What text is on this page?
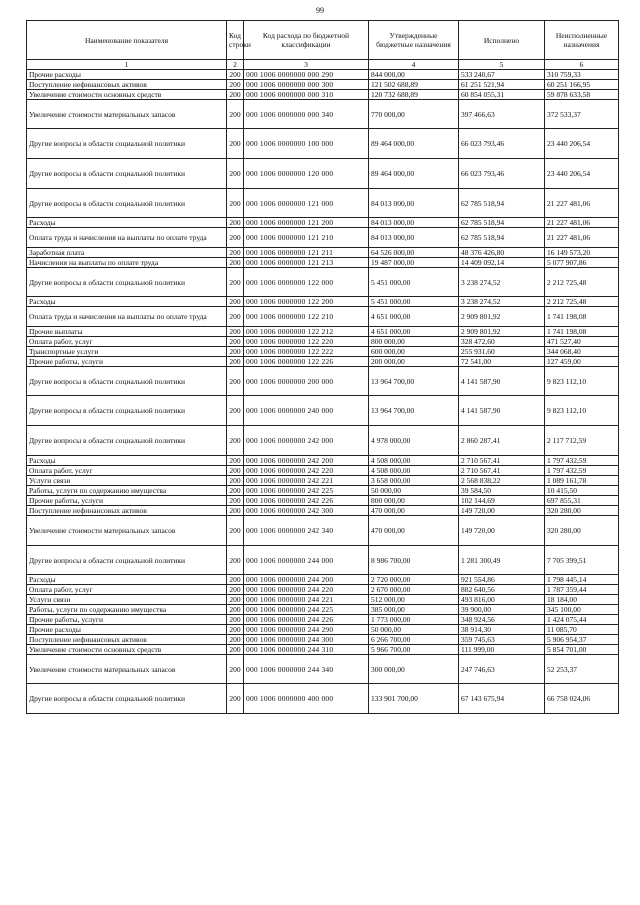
99
Наименование показателя	Код строки	Код расхода по бюджетной классификации	Утвержденные бюджетные назначения	Исполнено	Неисполненные назначения
1	2	3	4	5	6
Прочие расходы	200	000 1006 0000000 000 290	844 000,00	533 240,67	310 759,33
Поступление нефинансовых активов	200	000 1006 0000000 000 300	121 502 688,89	61 251 521,94	60 251 166,95
Увеличение стоимости основных средств	200	000 1006 0000000 000 310	120 732 688,89	60 854 055,31	59 878 633,58
Увеличение стоимости материальных запасов	200	000 1006 0000000 000 340	770 000,00	397 466,63	372 533,37
Другие вопросы в области социальной политики	200	000 1006 0000000 100 000	89 464 000,00	66 023 793,46	23 440 206,54
Другие вопросы в области социальной политики	200	000 1006 0000000 120 000	89 464 000,00	66 023 793,46	23 440 206,54
Другие вопросы в области социальной политики	200	000 1006 0000000 121 000	84 013 000,00	62 785 518,94	21 227 481,06
Расходы	200	000 1006 0000000 121 200	84 013 000,00	62 785 518,94	21 227 481,06
Оплата труда и начисления на выплаты по оплате труда	200	000 1006 0000000 121 210	84 013 000,00	62 785 518,94	21 227 481,06
Заработная плата	200	000 1006 0000000 121 211	64 526 000,00	48 376 426,80	16 149 573,20
Начисления на выплаты по оплате труда	200	000 1006 0000000 121 213	19 487 000,00	14 409 092,14	5 077 907,86
Другие вопросы в области социальной политики	200	000 1006 0000000 122 000	5 451 000,00	3 238 274,52	2 212 725,48
Расходы	200	000 1006 0000000 122 200	5 451 000,00	3 238 274,52	2 212 725,48
Оплата труда и начисления на выплаты по оплате труда	200	000 1006 0000000 122 210	4 651 000,00	2 909 801,92	1 741 198,08
Прочие выплаты	200	000 1006 0000000 122 212	4 651 000,00	2 909 801,92	1 741 198,08
Оплата работ, услуг	200	000 1006 0000000 122 220	800 000,00	328 472,60	471 527,40
Транспортные услуги	200	000 1006 0000000 122 222	600 000,00	255 931,60	344 068,40
Прочие работы, услуги	200	000 1006 0000000 122 226	200 000,00	72 541,00	127 459,00
Другие вопросы в области социальной политики	200	000 1006 0000000 200 000	13 964 700,00	4 141 587,90	9 823 112,10
Другие вопросы в области социальной политики	200	000 1006 0000000 240 000	13 964 700,00	4 141 587,90	9 823 112,10
Другие вопросы в области социальной политики	200	000 1006 0000000 242 000	4 978 000,00	2 860 287,41	2 117 712,59
Расходы	200	000 1006 0000000 242 200	4 508 000,00	2 710 567,41	1 797 432,59
Оплата работ, услуг	200	000 1006 0000000 242 220	4 508 000,00	2 710 567,41	1 797 432,59
Услуги связи	200	000 1006 0000000 242 221	3 658 000,00	2 568 838,22	1 089 161,78
Работы, услуги по содержанию имущества	200	000 1006 0000000 242 225	50 000,00	39 584,50	10 415,50
Прочие работы, услуги	200	000 1006 0000000 242 226	800 000,00	102 144,69	697 855,31
Поступление нефинансовых активов	200	000 1006 0000000 242 300	470 000,00	149 720,00	320 280,00
Увеличение стоимости материальных запасов	200	000 1006 0000000 242 340	470 000,00	149 720,00	320 280,00
Другие вопросы в области социальной политики	200	000 1006 0000000 244 000	8 986 700,00	1 281 300,49	7 705 399,51
Расходы	200	000 1006 0000000 244 200	2 720 000,00	921 554,86	1 798 445,14
Оплата работ, услуг	200	000 1006 0000000 244 220	2 670 000,00	882 640,56	1 787 359,44
Услуги связи	200	000 1006 0000000 244 221	512 000,00	493 816,00	18 184,00
Работы, услуги по содержанию имущества	200	000 1006 0000000 244 225	385 000,00	39 900,00	345 100,00
Прочие работы, услуги	200	000 1006 0000000 244 226	1 773 000,00	348 924,56	1 424 075,44
Прочие расходы	200	000 1006 0000000 244 290	50 000,00	38 914,30	11 085,70
Поступление нефинансовых активов	200	000 1006 0000000 244 300	6 266 700,00	359 745,63	5 906 954,37
Увеличение стоимости основных средств	200	000 1006 0000000 244 310	5 966 700,00	111 999,00	5 854 701,00
Увеличение стоимости материальных запасов	200	000 1006 0000000 244 340	300 000,00	247 746,63	52 253,37
Другие вопросы в области социальной политики	200	000 1006 0000000 400 000	133 901 700,00	67 143 675,94	66 758 024,06
